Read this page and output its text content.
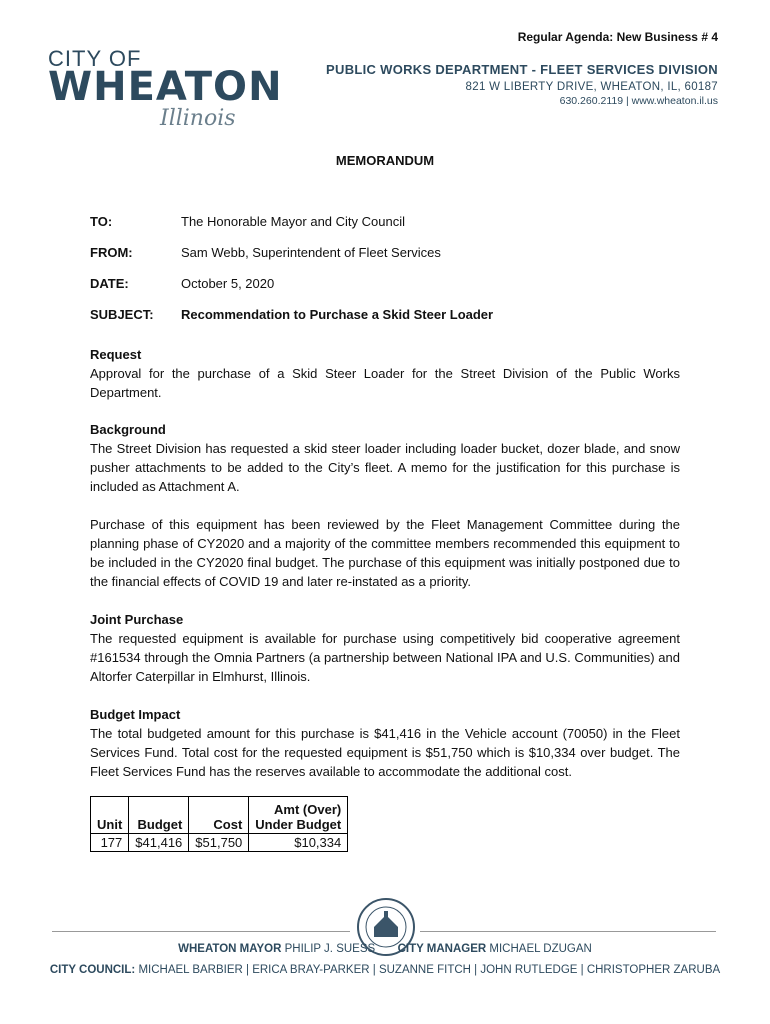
Regular Agenda: New Business # 4
CITY OF
WHEATON
Illinois
PUBLIC WORKS DEPARTMENT - FLEET SERVICES DIVISION
821 W LIBERTY DRIVE, WHEATON, IL, 60187
630.260.2119 | www.wheaton.il.us
MEMORANDUM
TO:	The Honorable Mayor and City Council
FROM:	Sam Webb, Superintendent of Fleet Services
DATE:	October 5, 2020
SUBJECT:	Recommendation to Purchase a Skid Steer Loader
Request

Approval for the purchase of a Skid Steer Loader for the Street Division of the Public Works Department.

Background

The Street Division has requested a skid steer loader including loader bucket, dozer blade, and snow pusher attachments to be added to the City’s fleet. A memo for the justification for this purchase is included as Attachment A.

Purchase of this equipment has been reviewed by the Fleet Management Committee during the planning phase of CY2020 and a majority of the committee members recommended this equipment to be included in the CY2020 final budget. The purchase of this equipment was initially postponed due to the financial effects of COVID 19 and later re-instated as a priority.

Joint Purchase

The requested equipment is available for purchase using competitively bid cooperative agreement #161534 through the Omnia Partners (a partnership between National IPA and U.S. Communities) and Altorfer Caterpillar in Elmhurst, Illinois.

Budget Impact

The total budgeted amount for this purchase is $41,416 in the Vehicle account (70050) in the Fleet Services Fund. Total cost for the requested equipment is $51,750 which is $10,334 over budget. The Fleet Services Fund has the reserves available to accommodate the additional cost.

Unit	Budget	Cost	Amt (Over)
Under Budget

177	$41,416	$51,750	$10,334
WHEATON MAYOR PHILIP J. SUESS CITY MANAGER MICHAEL DZUGAN
CITY COUNCIL: MICHAEL BARBIER | ERICA BRAY-PARKER | SUZANNE FITCH | JOHN RUTLEDGE | CHRISTOPHER ZARUBA
